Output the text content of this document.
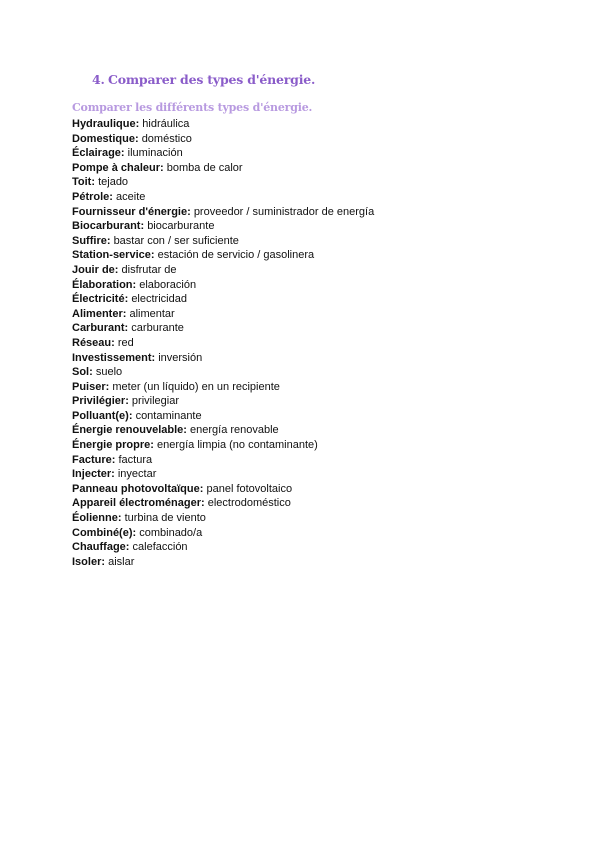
4. Comparer des types d'énergie.
Comparer les différents types d'énergie.
Hydraulique: hidráulica
Domestique: doméstico
Éclairage: iluminación
Pompe à chaleur: bomba de calor
Toit: tejado
Pétrole: aceite
Fournisseur d'énergie: proveedor / suministrador de energía
Biocarburant: biocarburante
Suffire: bastar con / ser suficiente
Station-service: estación de servicio / gasolinera
Jouir de: disfrutar de
Élaboration: elaboración
Électricité: electricidad
Alimenter: alimentar
Carburant: carburante
Réseau: red
Investissement: inversión
Sol: suelo
Puiser: meter (un líquido) en un recipiente
Privilégier: privilegiar
Polluant(e): contaminante
Énergie renouvelable: energía renovable
Énergie propre: energía limpia (no contaminante)
Facture: factura
Injecter: inyectar
Panneau photovoltaïque: panel fotovoltaico
Appareil électroménager: electrodoméstico
Éolienne: turbina de viento
Combiné(e): combinado/a
Chauffage: calefacción
Isoler: aislar
